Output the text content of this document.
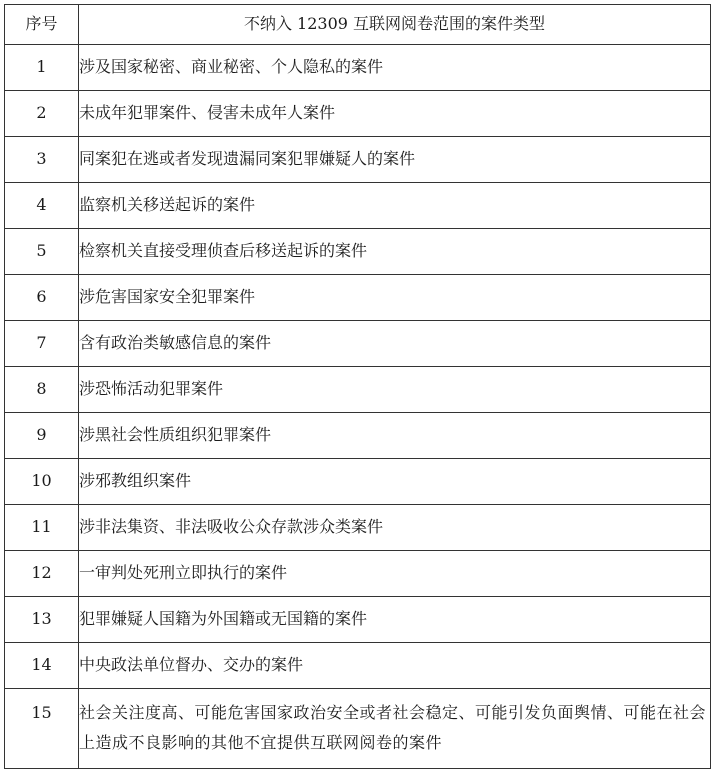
序号	不纳入 12309 互联网阅卷范围的案件类型
1	涉及国家秘密、商业秘密、个人隐私的案件
2	未成年犯罪案件、侵害未成年人案件
3	同案犯在逃或者发现遗漏同案犯罪嫌疑人的案件
4	监察机关移送起诉的案件
5	检察机关直接受理侦查后移送起诉的案件
6	涉危害国家安全犯罪案件
7	含有政治类敏感信息的案件
8	涉恐怖活动犯罪案件
9	涉黑社会性质组织犯罪案件
10	涉邪教组织案件
11	涉非法集资、非法吸收公众存款涉众类案件
12	一审判处死刑立即执行的案件
13	犯罪嫌疑人国籍为外国籍或无国籍的案件
14	中央政法单位督办、交办的案件
15	社会关注度高、可能危害国家政治安全或者社会稳定、可能引发负面舆情、可能在社会上造成不良影响的其他不宜提供互联网阅卷的案件
